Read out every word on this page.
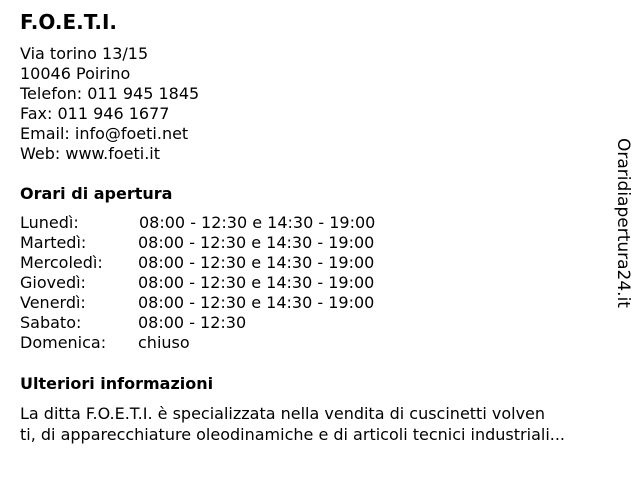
F.O.E.T.I.
Via torino 13/15
10046 Poirino
Telefon: 011 945 1845
Fax: 011 946 1677
Email: info@foeti.net
Web: www.foeti.it
Orari di apertura
Lunedì:	08:00 - 12:30 e 14:30 - 19:00
Martedì:	08:00 - 12:30 e 14:30 - 19:00
Mercoledì: 08:00 - 12:30 e 14:30 - 19:00
Giovedì:	08:00 - 12:30 e 14:30 - 19:00
Venerdì:	08:00 - 12:30 e 14:30 - 19:00
Sabato:	08:00 - 12:30
Domenica: chiuso
Ulteriori informazioni
La ditta F.O.E.T.I. è specializzata nella vendita di cuscinetti volven
ti, di apparecchiature oleodinamiche e di articoli tecnici industriali...
Oraridiapertura24.it
